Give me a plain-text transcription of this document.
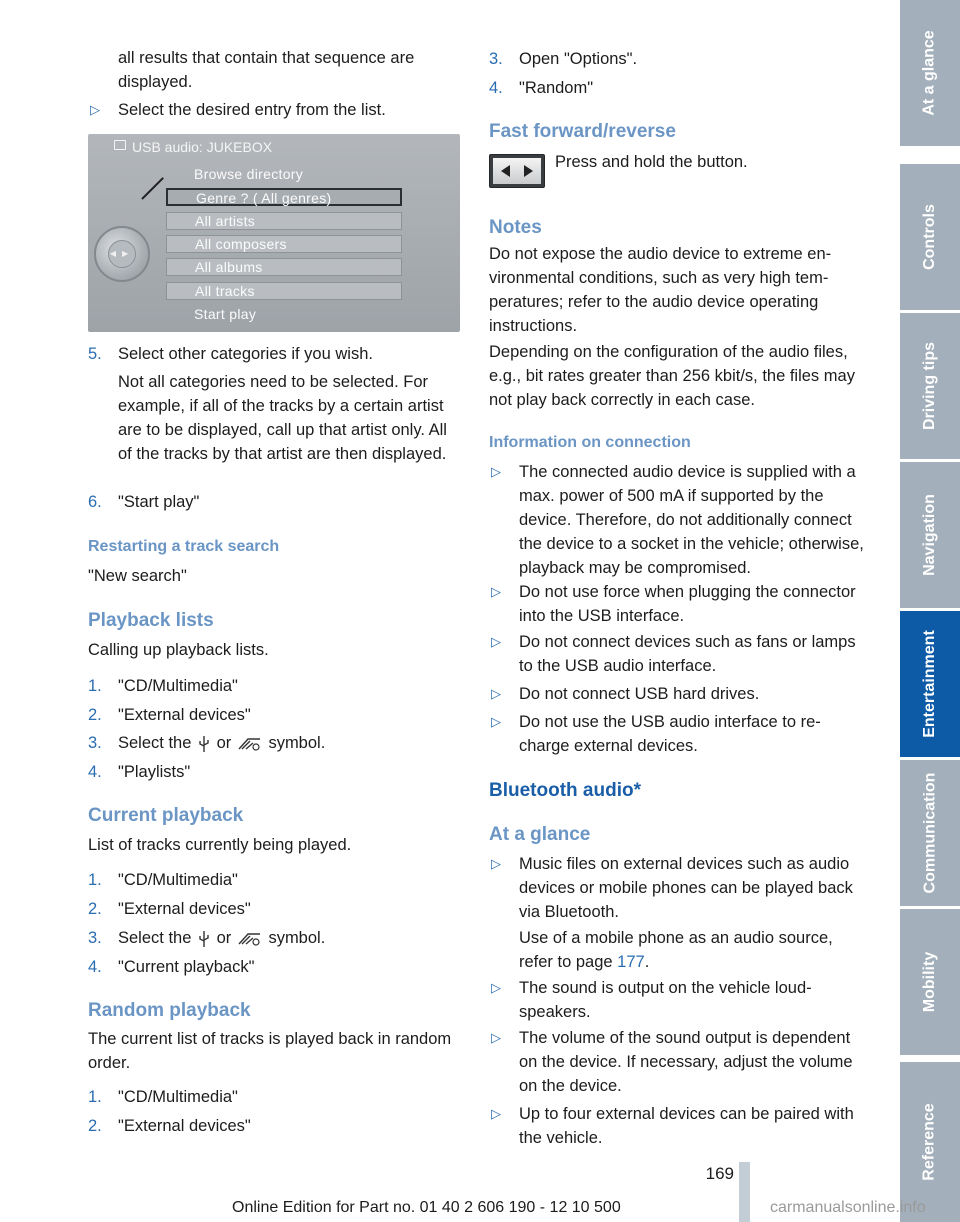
all results that contain that sequence are displayed.

▷ Select the desired entry from the list.
USB audio: JUKEBOX
◀▶
Browse directory
Genre ? ( All genres)
All artists
All composers
All albums
All tracks
Start play
5. Select other categories if you wish.

Not all categories need to be selected. For example, if all of the tracks by a certain artist are to be displayed, call up that artist only. All of the tracks by that artist are then displayed.

6. "Start play"
Restarting a track search

"New search"

Playback lists

Calling up playback lists.

1. "CD/Multimedia"
2. "External devices"
3. Select the or symbol.
4. "Playlists"
Current playback

List of tracks currently being played.

1. "CD/Multimedia"
2. "External devices"
3. Select the or symbol.
4. "Current playback"
Random playback

The current list of tracks is played back in random order.

1. "CD/Multimedia"
2. "External devices"
3. Open "Options".
4. "Random"
Fast forward/reverse

Press and hold the button.

Notes

Do not expose the audio device to extreme environmental conditions, such as very high temperatures; refer to the audio device operating instructions.

Depending on the configuration of the audio files, e.g., bit rates greater than 256 kbit/s, the files may not play back correctly in each case.

Information on connection
▷ The connected audio device is supplied with a max. power of 500 mA if supported by the device. Therefore, do not additionally connect the device to a socket in the vehicle; otherwise, playback may be compromised.
▷ Do not use force when plugging the connector into the USB interface.
▷ Do not connect devices such as fans or lamps to the USB audio interface.
▷ Do not connect USB hard drives.
▷ Do not use the USB audio interface to recharge external devices.
Bluetooth audio*
At a glance
▷ Music files on external devices such as audio devices or mobile phones can be played back via Bluetooth.

Use of a mobile phone as an audio source, refer to page 177.

▷ The sound is output on the vehicle loudspeakers.
▷ The volume of the sound output is dependent on the device. If necessary, adjust the volume on the device.
▷ Up to four external devices can be paired with the vehicle.
At a glance
Controls
Driving tips
Navigation
Entertainment
Communication
Mobility
Reference
169
Online Edition for Part no. 01 40 2 606 190 - 12 10 500	carmanualsonline.info
